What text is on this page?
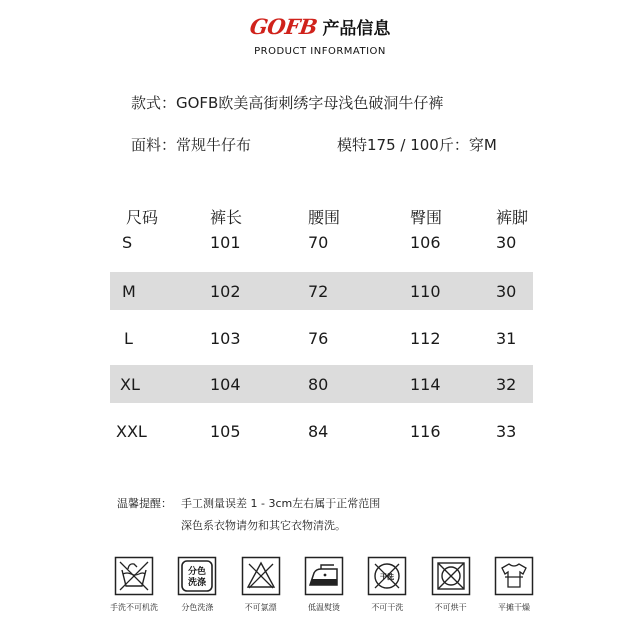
GOFB 产品信息
PRODUCT INFORMATION
款式：GOFB欧美高街刺绣字母浅色破洞牛仔裤
面料：常规牛仔布	模特175 / 100斤：穿M
尺码	裤长	腰围	臀围	裤脚
S	101	70	106	30
M	102	72	110	30
L	103	76	112	31
XL	104	80	114	32
XXL	105	84	116	33
温馨提醒： 手工测量误差 1 - 3cm左右属于正常范围
深色系衣物请勿和其它衣物清洗。
手洗不可机洗
分色
洗涤
分色洗涤	不可氯漂	低温熨烫
干洗
不可干洗	不可烘干	平摊干燥
